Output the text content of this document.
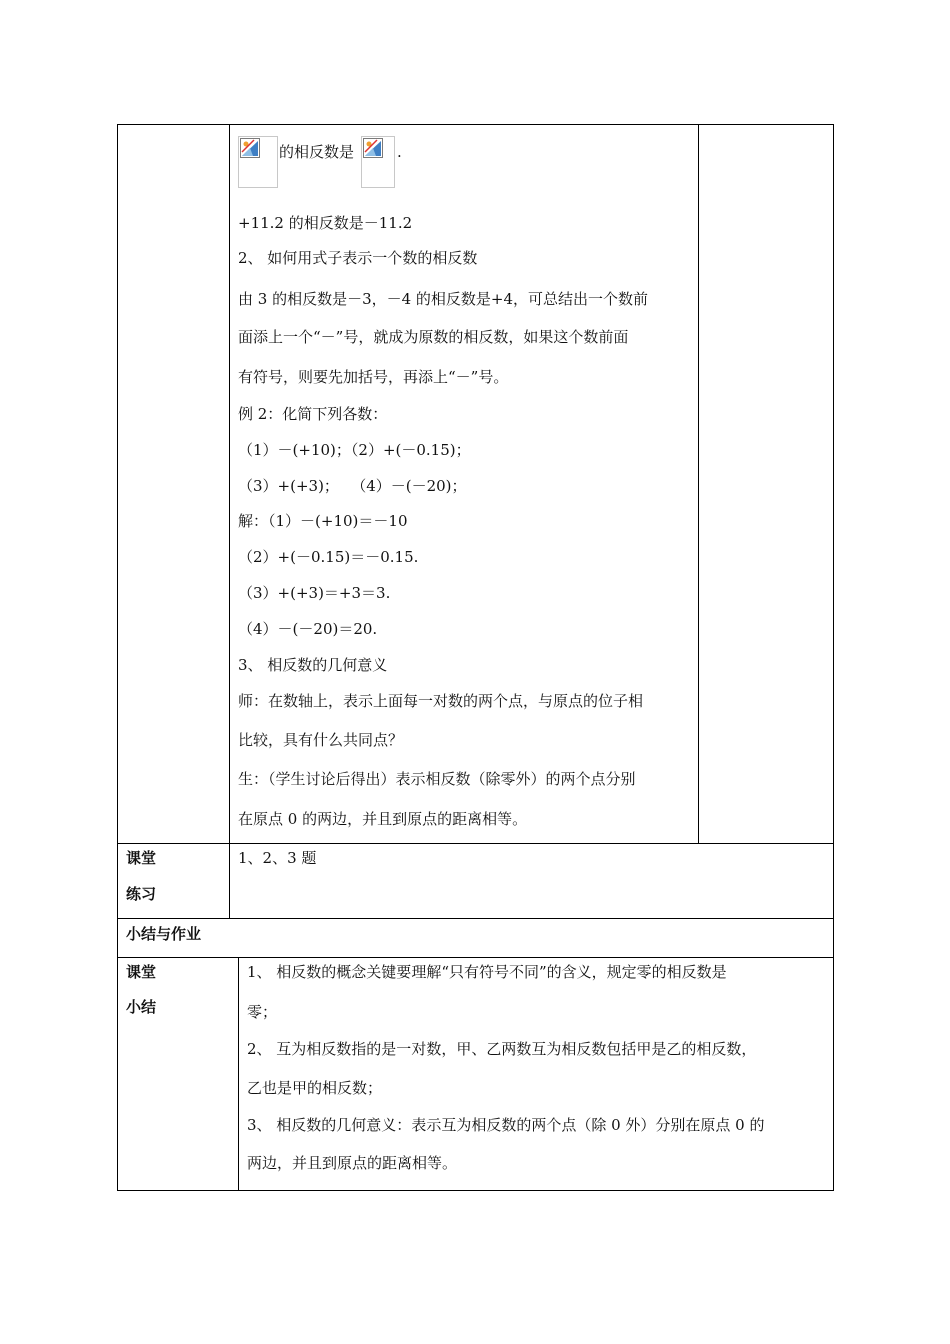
的相反数是	.
+11.2 的相反数是－11.2
2、 如何用式子表示一个数的相反数
由 3 的相反数是－3，－4 的相反数是+4，可总结出一个数前
面添上一个“－”号，就成为原数的相反数，如果这个数前面
有符号，则要先加括号，再添上“－”号。
例 2：化简下列各数：
（1）－(+10)；（2）+(－0.15)；
（3）+(+3)；　 （4）－(－20)；
解：（1）－(+10)＝－10
（2）+(－0.15)＝－0.15.
（3）+(+3)＝+3＝3.
（4）－(－20)＝20.
3、 相反数的几何意义
师：在数轴上，表示上面每一对数的两个点，与原点的位子相
比较，具有什么共同点？
生：（学生讨论后得出）表示相反数（除零外）的两个点分别
在原点 0 的两边，并且到原点的距离相等。
课堂
练习
1、2、3 题
小结与作业
课堂
小结
1、 相反数的概念关键要理解“只有符号不同”的含义，规定零的相反数是
零；
2、 互为相反数指的是一对数，甲、乙两数互为相反数包括甲是乙的相反数，
乙也是甲的相反数；
3、 相反数的几何意义：表示互为相反数的两个点（除 0 外）分别在原点 0 的
两边，并且到原点的距离相等。
